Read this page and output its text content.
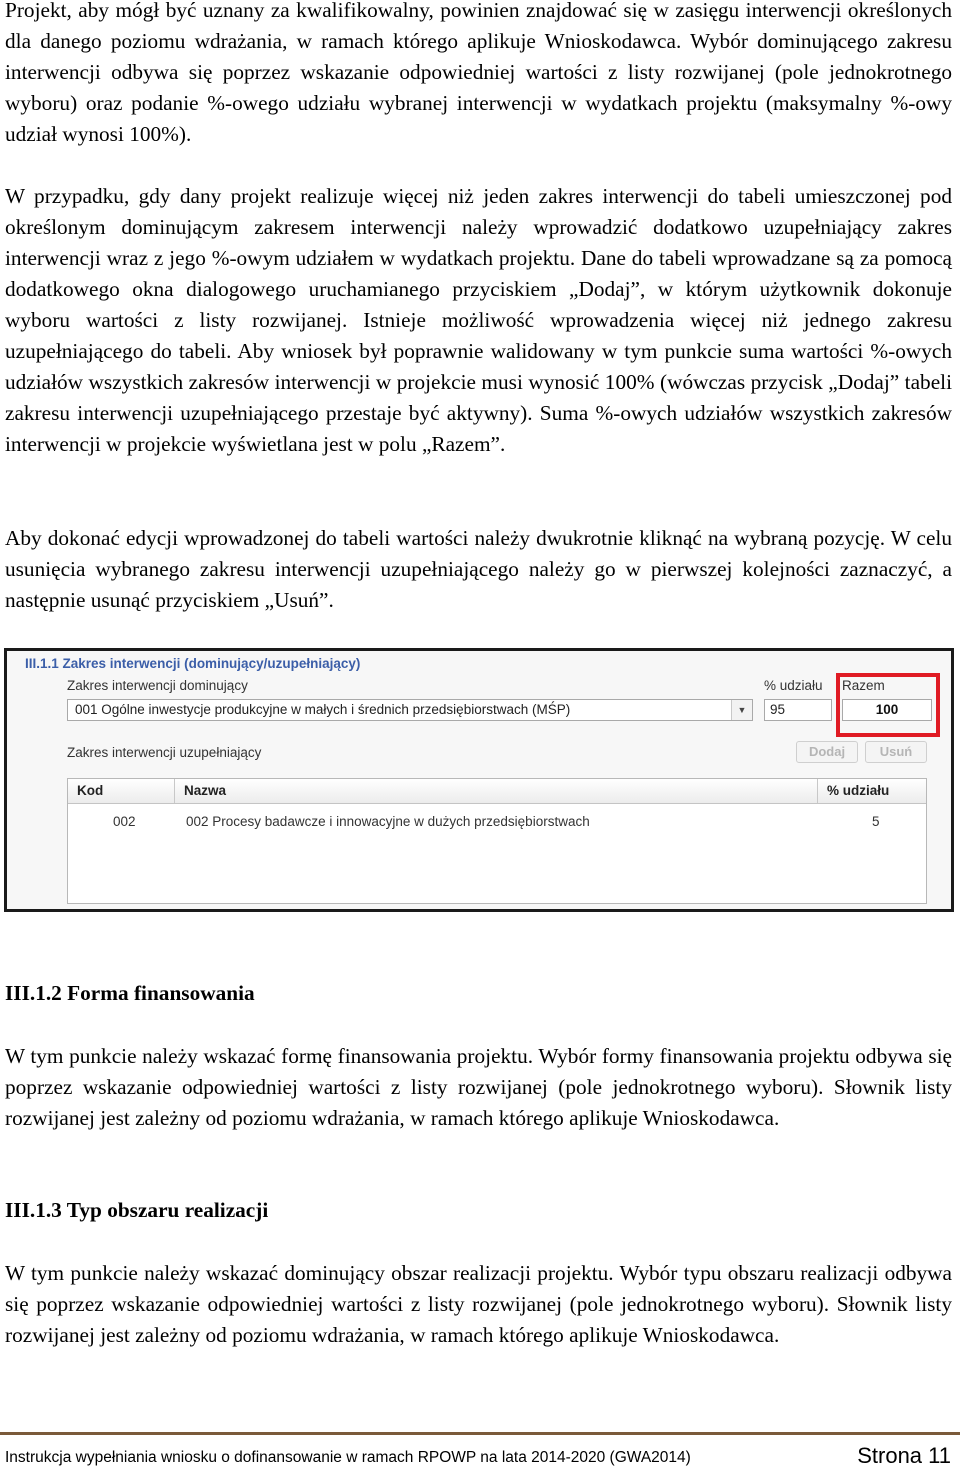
Projekt, aby mógł być uznany za kwalifikowalny, powinien znajdować się w zasięgu interwencji określonych dla danego poziomu wdrażania, w ramach którego aplikuje Wnioskodawca. Wybór dominującego zakresu interwencji odbywa się poprzez wskazanie odpowiedniej wartości z listy rozwijanej (pole jednokrotnego wyboru) oraz podanie %-owego udziału wybranej interwencji w wydatkach projektu (maksymalny %-owy udział wynosi 100%).

W przypadku, gdy dany projekt realizuje więcej niż jeden zakres interwencji do tabeli umieszczonej pod określonym dominującym zakresem interwencji należy wprowadzić dodatkowo uzupełniający zakres interwencji wraz z jego %-owym udziałem w wydatkach projektu. Dane do tabeli wprowadzane są za pomocą dodatkowego okna dialogowego uruchamianego przyciskiem „Dodaj”, w którym użytkownik dokonuje wyboru wartości z listy rozwijanej. Istnieje możliwość wprowadzenia więcej niż jednego zakresu uzupełniającego do tabeli. Aby wniosek był poprawnie walidowany w tym punkcie suma wartości %-owych udziałów wszystkich zakresów interwencji w projekcie musi wynosić 100% (wówczas przycisk „Dodaj” tabeli zakresu interwencji uzupełniającego przestaje być aktywny). Suma %-owych udziałów wszystkich zakresów interwencji w projekcie wyświetlana jest w polu „Razem”.

Aby dokonać edycji wprowadzonej do tabeli wartości należy dwukrotnie kliknąć na wybraną pozycję. W celu usunięcia wybranego zakresu interwencji uzupełniającego należy go w pierwszej kolejności zaznaczyć, a następnie usunąć przyciskiem „Usuń”.

III.1.1 Zakres interwencji (dominujący/uzupełniający)
Zakres interwencji dominujący
001 Ogólne inwestycje produkcyjne w małych i średnich przedsiębiorstwach (MŚP)	▼
% udziału
95
Razem
100
Zakres interwencji uzupełniający	Dodaj	Usuń
Kod	Nazwa	% udziału
002	002 Procesy badawcze i innowacyjne w dużych przedsiębiorstwach	5
III.1.2 Forma finansowania

W tym punkcie należy wskazać formę finansowania projektu. Wybór formy finansowania projektu odbywa się poprzez wskazanie odpowiedniej wartości z listy rozwijanej (pole jednokrotnego wyboru). Słownik listy rozwijanej jest zależny od poziomu wdrażania, w ramach którego aplikuje Wnioskodawca.

III.1.3 Typ obszaru realizacji

W tym punkcie należy wskazać dominujący obszar realizacji projektu. Wybór typu obszaru realizacji odbywa się poprzez wskazanie odpowiedniej wartości z listy rozwijanej (pole jednokrotnego wyboru). Słownik listy rozwijanej jest zależny od poziomu wdrażania, w ramach którego aplikuje Wnioskodawca.

Instrukcja wypełniania wniosku o dofinansowanie w ramach RPOWP na lata 2014-2020 (GWA2014)	Strona 11
